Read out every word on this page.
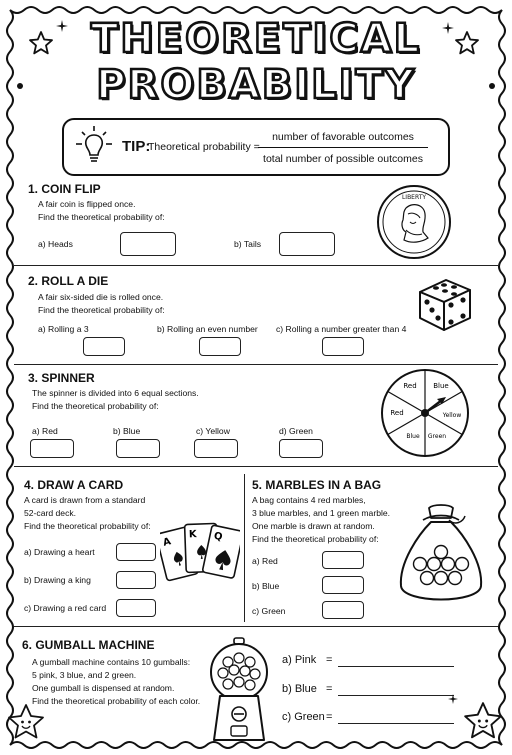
THEORETICAL
PROBABILITY
TIP:
Theoretical probability =
number of favorable outcomes
total number of possible outcomes
1. COIN FLIP
A fair coin is flipped once.
Find the theoretical probability of:
a) Heads	b) Tails
LIBERTY
2. ROLL A DIE
A fair six-sided die is rolled once.
Find the theoretical probability of:
a) Rolling a 3	b) Rolling an even number c) Rolling a number greater than 4
3. SPINNER
The spinner is divided into 6 equal sections.
Find the theoretical probability of:
a) Red	b) Blue	c) Yellow	d) Green
Red Blue
Yellow
Green
Blue
Red
4. DRAW A CARD
A card is drawn from a standard
52-card deck.
Find the theoretical probability of:
a) Drawing a heart
b) Drawing a king
c) Drawing a red card
A
K Q
5. MARBLES IN A BAG
A bag contains 4 red marbles,
3 blue marbles, and 1 green marble.
One marble is drawn at random.
Find the theoretical probability of:
a) Red
b) Blue
c) Green
6. GUMBALL MACHINE
A gumball machine contains 10 gumballs:
5 pink, 3 blue, and 2 green.
One gumball is dispensed at random.
Find the theoretical probability of each color.
a) Pink =
b) Blue =
c) Green =
